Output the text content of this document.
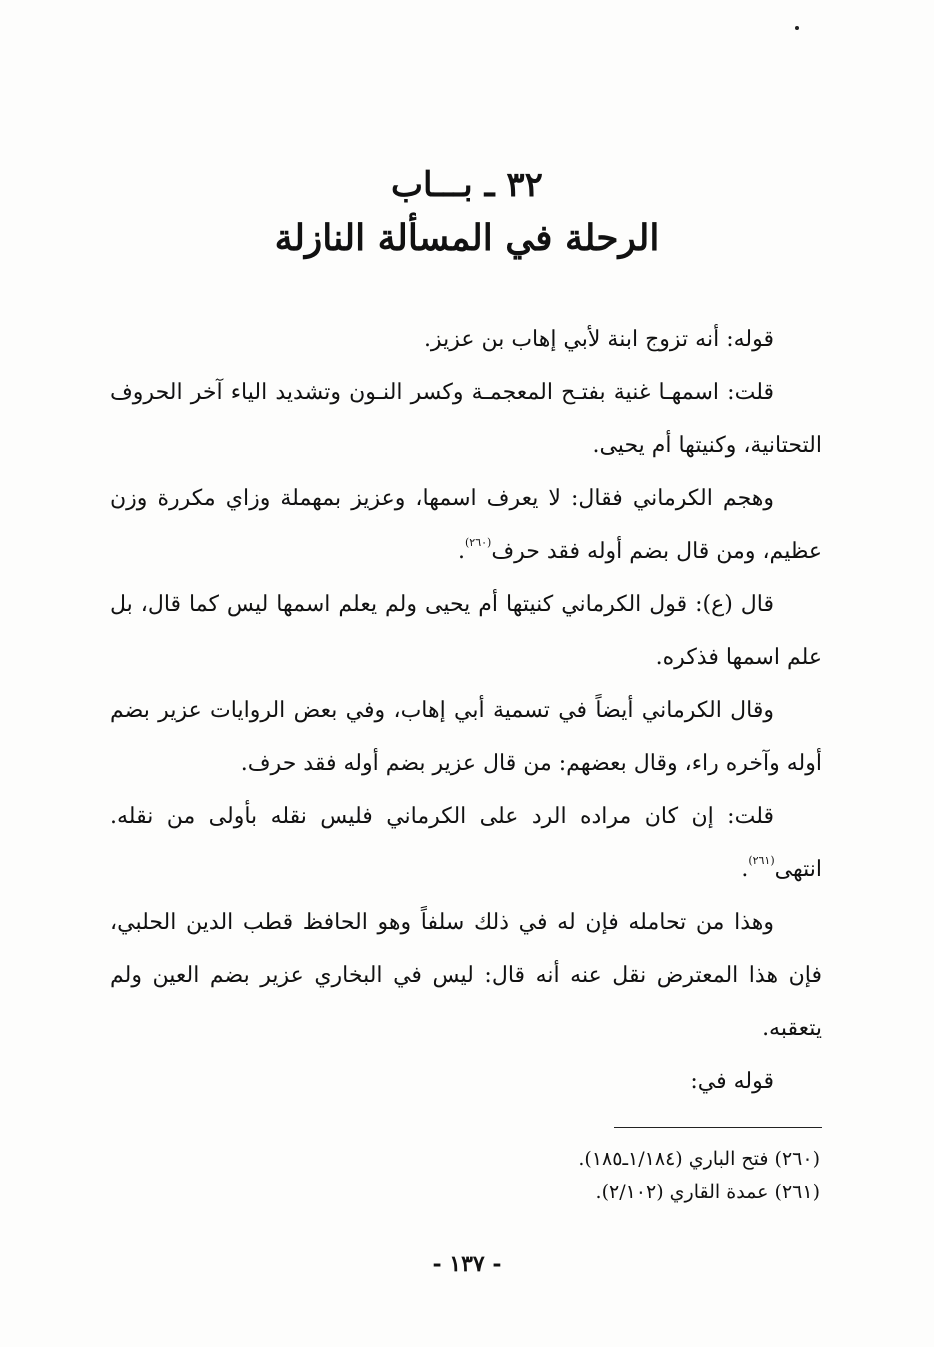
٣٢ ـ بـــاب
الرحلة في المسألة النازلة

قوله: أنه تزوج ابنة لأبي إهاب بن عزيز.

قلت: اسمهـا غنية بفتـح المعجمـة وكسر النـون وتشديد الياء آخر الحروف التحتانية، وكنيتها أم يحيى.

وهجم الكرماني فقال: لا يعرف اسمها، وعزيز بمهملة وزاي مكررة وزن عظيم، ومن قال بضم أوله فقد حرف$^{(٢٦٠)}$.

قال (ع): قول الكرماني كنيتها أم يحيى ولم يعلم اسمها ليس كما قال، بل علم اسمها فذكره.

وقال الكرماني أيضاً في تسمية أبي إهاب، وفي بعض الروايات عزير بضم أوله وآخره راء، وقال بعضهم: من قال عزير بضم أوله فقد حرف.

قلت: إن كان مراده الرد على الكرماني فليس نقله بأولى من نقله. انتهى$^{(٢٦١)}$.

وهذا من تحامله فإن له في ذلك سلفاً وهو الحافظ قطب الدين الحلبي، فإن هذا المعترض نقل عنه أنه قال: ليس في البخاري عزير بضم العين ولم يتعقبه.

قوله في:

(٢٦٠) فتح الباري (١/١٨٤ـ١٨٥).
(٢٦١) عمدة القاري (٢/١٠٢).
- ١٣٧ -
